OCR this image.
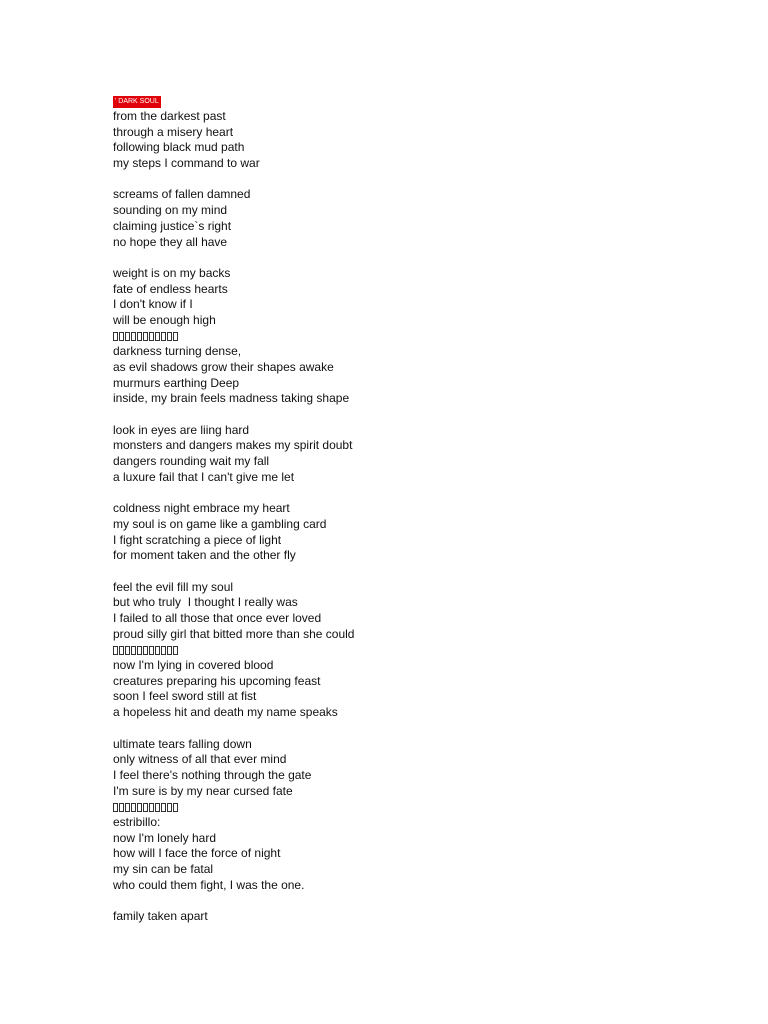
' DARK SOUL
from the darkest past
through a misery heart
following black mud path
my steps I command to war
screams of fallen damned
sounding on my mind
claiming justice`s right
no hope they all have
weight is on my backs
fate of endless hearts
I don't know if I
will be enough high
darkness turning dense,
as evil shadows grow their shapes awake
murmurs earthing Deep
inside, my brain feels madness taking shape
look in eyes are liing hard
monsters and dangers makes my spirit doubt
dangers rounding wait my fall
a luxure fail that I can't give me let
coldness night embrace my heart
my soul is on game like a gambling card
I fight scratching a piece of light
for moment taken and the other fly
feel the evil fill my soul
but who truly  I thought I really was
I failed to all those that once ever loved
proud silly girl that bitted more than she could
now I'm lying in covered blood
creatures preparing his upcoming feast
soon I feel sword still at fist
a hopeless hit and death my name speaks
ultimate tears falling down
only witness of all that ever mind
I feel there's nothing through the gate
I'm sure is by my near cursed fate
estribillo:
now I'm lonely hard
how will I face the force of night
my sin can be fatal
who could them fight, I was the one.
family taken apart
